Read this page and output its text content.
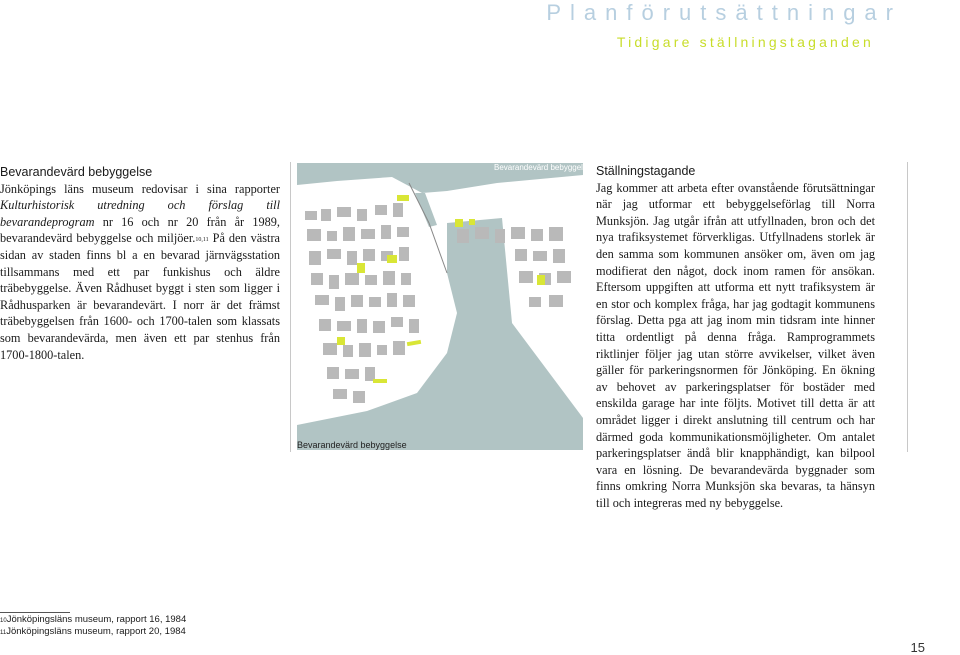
Planförutsättningar
Tidigare ställningstaganden
Bevarandevärd bebyggelse

Jönköpings läns museum redovisar i sina rapporter Kulturhistorisk utredning och förslag till bevarandeprogram nr 16 och nr 20 från år 1989, bevarandevärd bebyggelse och miljöer.$^{10,11}$ På den västra sidan av staden finns bl a en bevarad järnvägsstation tillsammans med ett par funkishus och äldre träbebyggelse. Även Rådhuset byggt i sten som ligger i Rådhusparken är bevarandevärt. I norr är det främst träbebyggelsen från 1600- och 1700-talen som klassats som bevarandevärda, men även ett par stenhus från 1700-1800-talen.

Bevarandevärd bebyggelse
Bevarandevärd bebyggelse
Ställningstagande

Jag kommer att arbeta efter ovanstående förutsättningar när jag utformar ett bebyggelseförlag till Norra Munksjön. Jag utgår ifrån att utfyllnaden, bron och det nya trafiksystemet förverkligas. Utfyllnadens storlek är den samma som kommunen ansöker om, även om jag modifierat den något, dock inom ramen för ansökan. Eftersom uppgiften att utforma ett nytt trafiksystem är en stor och komplex fråga, har jag godtagit kommunens förslag. Detta pga att jag inom min tidsram inte hinner titta ordentligt på denna fråga. Ramprogrammets riktlinjer följer jag utan större avvikelser, vilket även gäller för parkeringsnormen för Jönköping. En ökning av behovet av parkeringsplatser för bostäder med enskilda garage har inte följts. Motivet till detta är att området ligger i direkt anslutning till centrum och har därmed goda kommunikationsmöjligheter. Om antalet parkeringsplatser ändå blir knapphändigt, kan bilpool vara en lösning. De bevarandevärda byggnader som finns omkring Norra Munksjön ska bevaras, ta hänsyn till och integreras med ny bebyggelse.

$^{10}$Jönköpingsläns museum, rapport 16, 1984
$^{11}$Jönköpingsläns museum, rapport 20, 1984
15
